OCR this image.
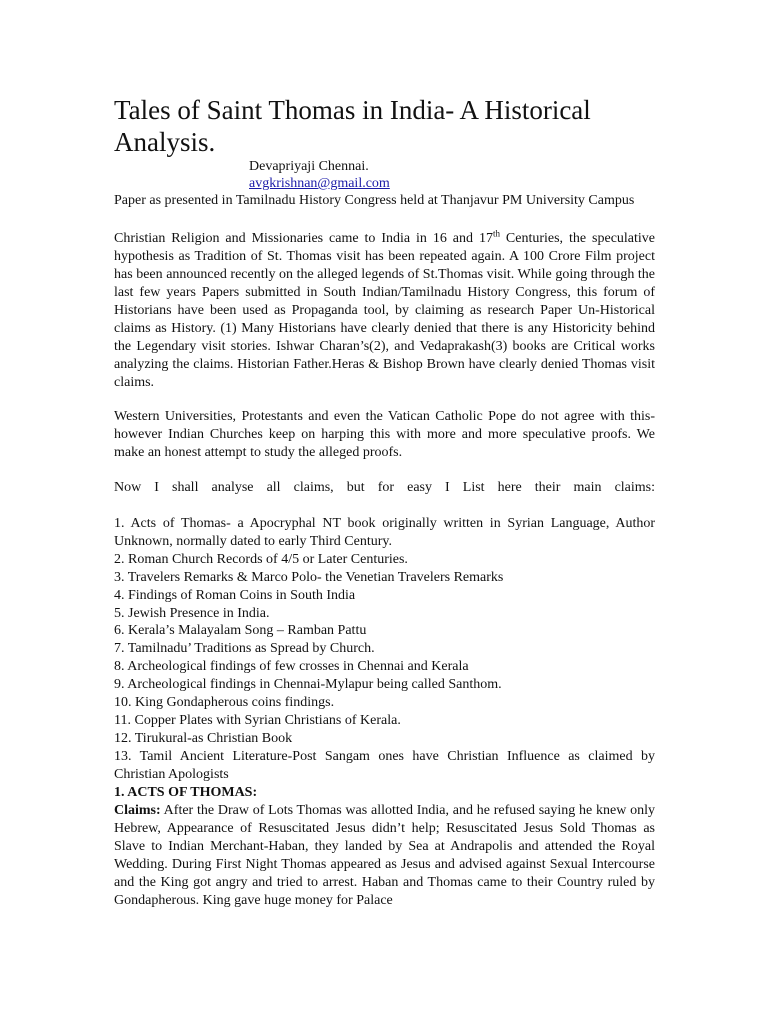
Tales of Saint Thomas in India- A Historical Analysis.
Devapriyaji Chennai.
avgkrishnan@gmail.com

Paper as presented in Tamilnadu History Congress held at Thanjavur PM University Campus

Christian Religion and Missionaries came to India in 16 and 17th Centuries, the speculative hypothesis as Tradition of St. Thomas visit has been repeated again. A 100 Crore Film project has been announced recently on the alleged legends of St.Thomas visit. While going through the last few years Papers submitted in South Indian/Tamilnadu History Congress, this forum of Historians have been used as Propaganda tool, by claiming as research Paper Un-Historical claims as History. (1) Many Historians have clearly denied that there is any Historicity behind the Legendary visit stories. Ishwar Charan’s(2), and Vedaprakash(3) books are Critical works analyzing the claims. Historian Father.Heras & Bishop Brown have clearly denied Thomas visit claims.

Western Universities, Protestants and even the Vatican Catholic Pope do not agree with this- however Indian Churches keep on harping this with more and more speculative proofs. We make an honest attempt to study the alleged proofs.

Now I shall analyse all claims, but for easy I List here their main claims:

1. Acts of Thomas- a Apocryphal NT book originally written in Syrian Language, Author Unknown, normally dated to early Third Century.
2. Roman Church Records of 4/5 or Later Centuries.
3. Travelers Remarks & Marco Polo- the Venetian Travelers Remarks
4. Findings of Roman Coins in South India
5. Jewish Presence in India.
6. Kerala’s Malayalam Song – Ramban Pattu
7. Tamilnadu’ Traditions as Spread by Church.
8. Archeological findings of few crosses in Chennai and Kerala
9. Archeological findings in Chennai-Mylapur being called Santhom.
10. King Gondapherous coins findings.
11. Copper Plates with Syrian Christians of Kerala.
12. Tirukural-as Christian Book
13. Tamil Ancient Literature-Post Sangam ones have Christian Influence as claimed by Christian Apologists
1. ACTS OF THOMAS:

Claims: After the Draw of Lots Thomas was allotted India, and he refused saying he knew only Hebrew, Appearance of Resuscitated Jesus didn’t help; Resuscitated Jesus Sold Thomas as Slave to Indian Merchant-Haban, they landed by Sea at Andrapolis and attended the Royal Wedding. During First Night Thomas appeared as Jesus and advised against Sexual Intercourse and the King got angry and tried to arrest. Haban and Thomas came to their Country ruled by Gondapherous. King gave huge money for Palace
